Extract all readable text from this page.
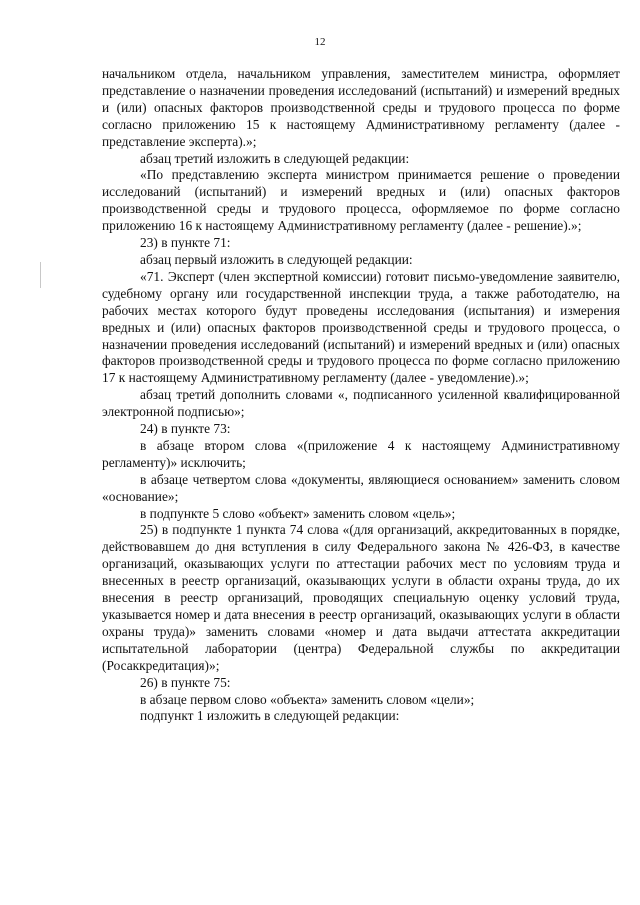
12

начальником отдела, начальником управления, заместителем министра, оформляет представление о назначении проведения исследований (испытаний) и измерений вредных и (или) опасных факторов производственной среды и трудового процесса по форме согласно приложению 15 к настоящему Административному регламенту (далее - представление эксперта).»;

абзац третий изложить в следующей редакции:

«По представлению эксперта министром принимается решение о проведении исследований (испытаний) и измерений вредных и (или) опасных факторов производственной среды и трудового процесса, оформляемое по форме согласно приложению 16 к настоящему Административному регламенту (далее - решение).»;

23) в пункте 71:

абзац первый изложить в следующей редакции:

«71. Эксперт (член экспертной комиссии) готовит письмо-уведомление заявителю, судебному органу или государственной инспекции труда, а также работодателю, на рабочих местах которого будут проведены исследования (испытания) и измерения вредных и (или) опасных факторов производственной среды и трудового процесса, о назначении проведения исследований (испытаний) и измерений вредных и (или) опасных факторов производственной среды и трудового процесса по форме согласно приложению 17 к настоящему Административному регламенту (далее - уведомление).»;

абзац третий дополнить словами «, подписанного усиленной квалифицированной электронной подписью»;

24) в пункте 73:

в абзаце втором слова «(приложение 4 к настоящему Административному регламенту)» исключить;

в абзаце четвертом слова «документы, являющиеся основанием» заменить словом «основание»;

в подпункте 5 слово «объект» заменить словом «цель»;

25) в подпункте 1 пункта 74 слова «(для организаций, аккредитованных в порядке, действовавшем до дня вступления в силу Федерального закона № 426-ФЗ, в качестве организаций, оказывающих услуги по аттестации рабочих мест по условиям труда и внесенных в реестр организаций, оказывающих услуги в области охраны труда, до их внесения в реестр организаций, проводящих специальную оценку условий труда, указывается номер и дата внесения в реестр организаций, оказывающих услуги в области охраны труда)» заменить словами «номер и дата выдачи аттестата аккредитации испытательной лаборатории (центра) Федеральной службы по аккредитации (Росаккредитация)»;

26) в пункте 75:

в абзаце первом слово «объекта» заменить словом «цели»;

подпункт 1 изложить в следующей редакции:
